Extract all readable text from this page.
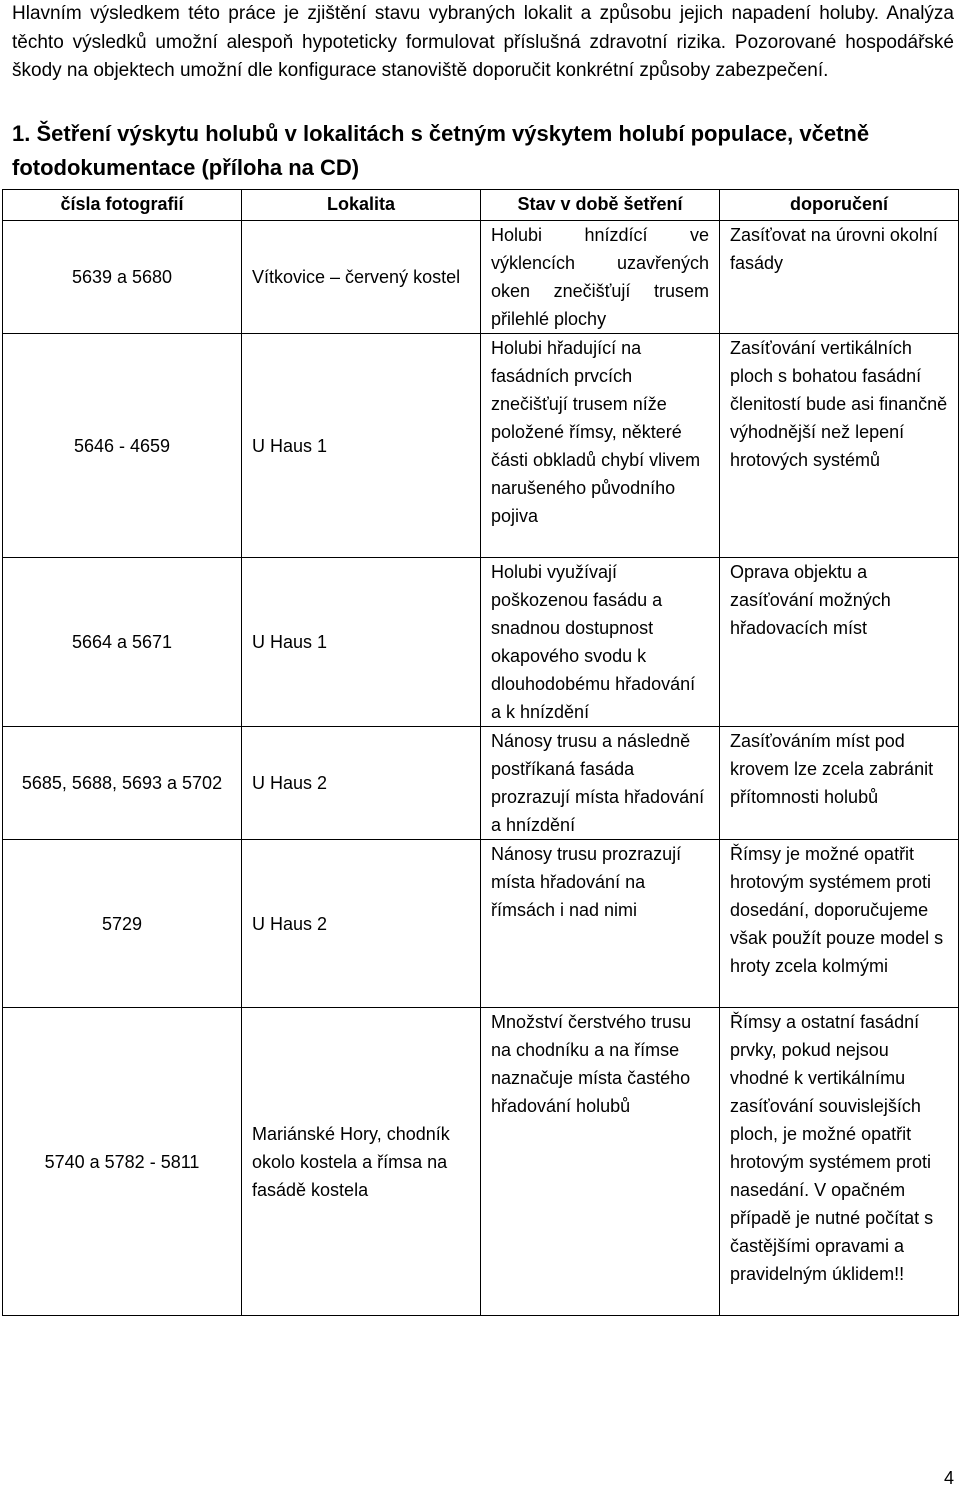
Hlavním výsledkem této práce je zjištění stavu vybraných lokalit a způsobu jejich napadení holuby. Analýza těchto výsledků umožní alespoň hypoteticky formulovat příslušná zdravotní rizika. Pozorované hospodářské škody na objektech umožní dle konfigurace stanoviště doporučit konkrétní způsoby zabezpečení.

1. Šetření výskytu holubů v lokalitách s četným výskytem holubí populace, včetně fotodokumentace (příloha na CD)
čísla fotografií	Lokalita	Stav v době šetření	doporučení
5639 a 5680	Vítkovice – červený kostel	Holubi hnízdící ve výklencích uzavřených oken znečišťují trusem přilehlé plochy	Zasíťovat na úrovni okolní fasády
5646 - 4659	U Haus 1	Holubi hřadující na fasádních prvcích znečišťují trusem níže položené římsy, některé části obkladů chybí vlivem narušeného původního pojiva	Zasíťování vertikálních ploch s bohatou fasádní členitostí bude asi finančně výhodnější než lepení hrotových systémů
5664 a 5671	U Haus 1	Holubi využívají poškozenou fasádu a snadnou dostupnost okapového svodu k dlouhodobému hřadování a k hnízdění	Oprava objektu a zasíťování možných hřadovacích míst
5685, 5688, 5693 a 5702	U Haus 2	Nánosy trusu a následně postříkaná fasáda prozrazují místa hřadování a hnízdění	Zasíťováním míst pod krovem lze zcela zabránit přítomnosti holubů
5729	U Haus 2	Nánosy trusu prozrazují místa hřadování na římsách i nad nimi	Římsy je možné opatřit hrotovým systémem proti dosedání, doporučujeme však použít pouze model s hroty zcela kolmými
5740 a 5782 - 5811	Mariánské Hory, chodník okolo kostela a římsa na fasádě kostela	Množství čerstvého trusu na chodníku a na římse naznačuje místa častého hřadování holubů	Římsy a ostatní fasádní prvky, pokud nejsou vhodné k vertikálnímu zasíťování souvislejších ploch, je možné opatřit hrotovým systémem proti nasedání. V opačném případě je nutné počítat s častějšími opravami a pravidelným úklidem!!
4
